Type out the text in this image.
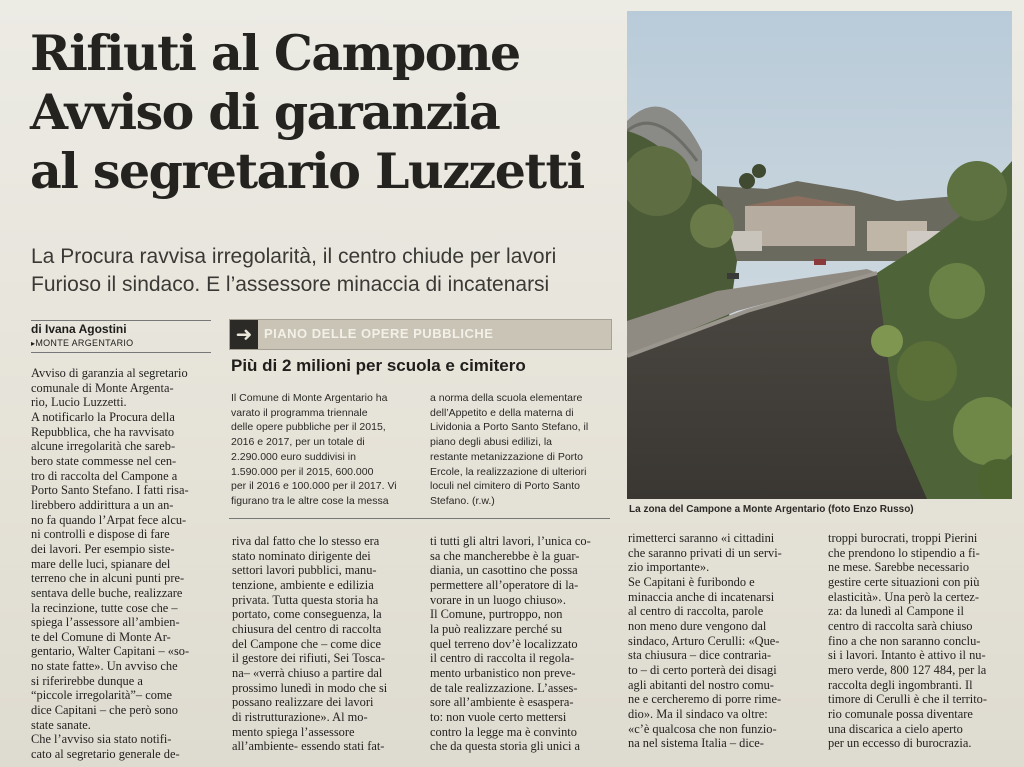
Rifiuti al Campone
Avviso di garanzia
al segretario Luzzetti
La Procura ravvisa irregolarità, il centro chiude per lavori
Furioso il sindaco. E l’assessore minaccia di incatenarsi
di Ivana Agostini
▸ MONTE ARGENTARIO	➜ PIANO DELLE OPERE PUBBLICHE
Più di 2 milioni per scuola e cimitero
Il Comune di Monte Argentario ha
varato il programma triennale
delle opere pubbliche per il 2015,
2016 e 2017, per un totale di
2.290.000 euro suddivisi in
1.590.000 per il 2015, 600.000
per il 2016 e 100.000 per il 2017. Vi
figurano tra le altre cose la messa
a norma della scuola elementare
dell’Appetito e della materna di
Lividonia a Porto Santo Stefano, il
piano degli abusi edilizi, la
restante metanizzazione di Porto
Ercole, la realizzazione di ulteriori
loculi nel cimitero di Porto Santo
Stefano. (r.w.)
Avviso di garanzia al segretario
comunale di Monte Argenta-
rio, Lucio Luzzetti.
A notificarlo la Procura della
Repubblica, che ha ravvisato
alcune irregolarità che sareb-
bero state commesse nel cen-
tro di raccolta del Campone a
Porto Santo Stefano. I fatti risa-
lirebbero addirittura a un an-
no fa quando l’Arpat fece alcu-
ni controlli e dispose di fare
dei lavori. Per esempio siste-
mare delle luci, spianare del
terreno che in alcuni punti pre-
sentava delle buche, realizzare
la recinzione, tutte cose che –
spiega l’assessore all’ambien-
te del Comune di Monte Ar-
gentario, Walter Capitani – «so-
no state fatte». Un avviso che
si riferirebbe dunque a
“piccole irregolarità”– come
dice Capitani – che però sono
state sanate.
Che l’avviso sia stato notifi-
cato al segretario generale de-
riva dal fatto che lo stesso era
stato nominato dirigente dei
settori lavori pubblici, manu-
tenzione, ambiente e edilizia
privata. Tutta questa storia ha
portato, come conseguenza, la
chiusura del centro di raccolta
del Campone che – come dice
il gestore dei rifiuti, Sei Tosca-
na– «verrà chiuso a partire dal
prossimo lunedì in modo che si
possano realizzare dei lavori
di ristrutturazione». Al mo-
mento spiega l’assessore
all’ambiente- essendo stati fat-
ti tutti gli altri lavori, l’unica co-
sa che mancherebbe è la guar-
diania, un casottino che possa
permettere all’operatore di la-
vorare in un luogo chiuso».
Il Comune, purtroppo, non
la può realizzare perché su
quel terreno dov’è localizzato
il centro di raccolta il regola-
mento urbanistico non preve-
de tale realizzazione. L’asses-
sore all’ambiente è esaspera-
to: non vuole certo mettersi
contro la legge ma è convinto
che da questa storia gli unici a
rimetterci saranno «i cittadini
che saranno privati di un servi-
zio importante».
Se Capitani è furibondo e
minaccia anche di incatenarsi
al centro di raccolta, parole
non meno dure vengono dal
sindaco, Arturo Cerulli: «Que-
sta chiusura – dice contraria-
to – di certo porterà dei disagi
agli abitanti del nostro comu-
ne e cercheremo di porre rime-
dio». Ma il sindaco va oltre:
«c’è qualcosa che non funzio-
na nel sistema Italia – dice-
troppi burocrati, troppi Pierini
che prendono lo stipendio a fi-
ne mese. Sarebbe necessario
gestire certe situazioni con più
elasticità». Una però la certez-
za: da lunedì al Campone il
centro di raccolta sarà chiuso
fino a che non saranno conclu-
si i lavori. Intanto è attivo il nu-
mero verde, 800 127 484, per la
raccolta degli ingombranti. Il
timore di Cerulli è che il territo-
rio comunale possa diventare
una discarica a cielo aperto
per un eccesso di burocrazia.
La zona del Campone a Monte Argentario (foto Enzo Russo)
